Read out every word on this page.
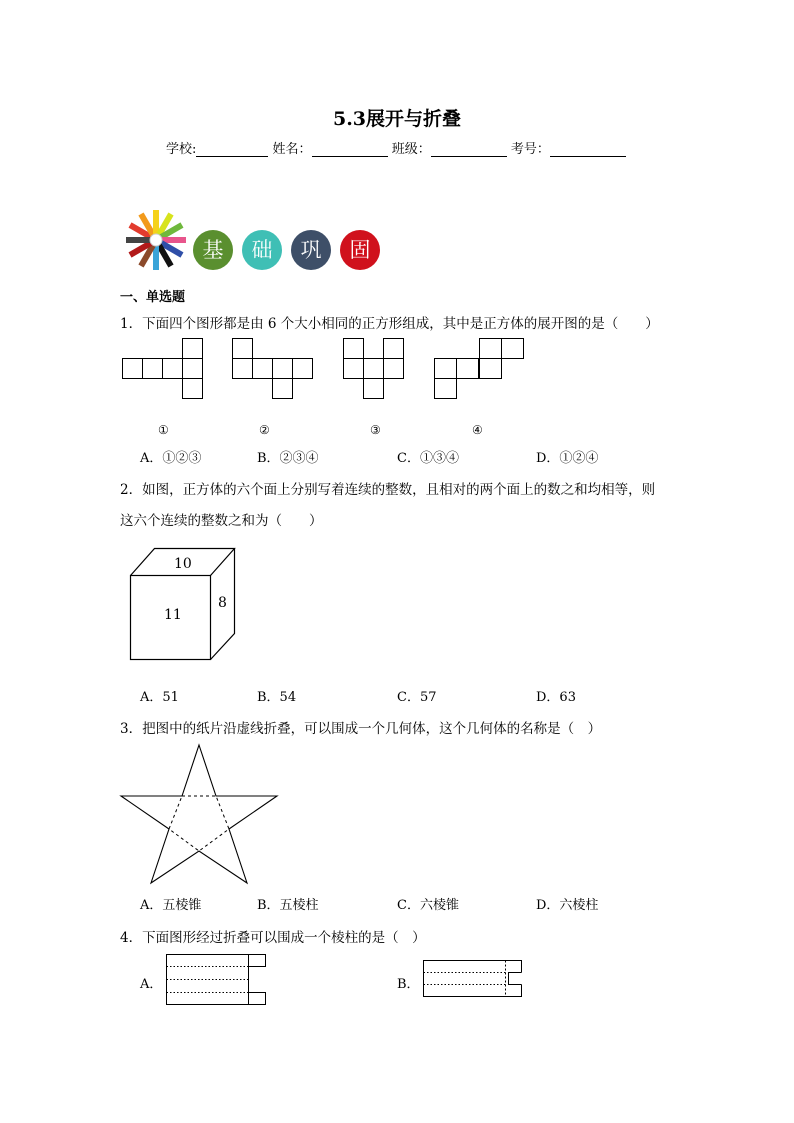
5.3展开与折叠
学校:	姓名：	班级：	考号：
基	础	巩	固
一、单选题
1．下面四个图形都是由 6 个大小相同的正方形组成，其中是正方体的展开图的是（　　）
①	②	③	④
A．①②③	B．②③④	C．①③④	D．①②④
2．如图，正方体的六个面上分别写着连续的整数，且相对的两个面上的数之和均相等，则
这六个连续的整数之和为（　　）
10
11
8
A．51	B．54	C．57	D．63
3．把图中的纸片沿虚线折叠，可以围成一个几何体，这个几何体的名称是（　）
A．五棱锥	B．五棱柱	C．六棱锥	D．六棱柱
4．下面图形经过折叠可以围成一个棱柱的是（　）
A．	B．
